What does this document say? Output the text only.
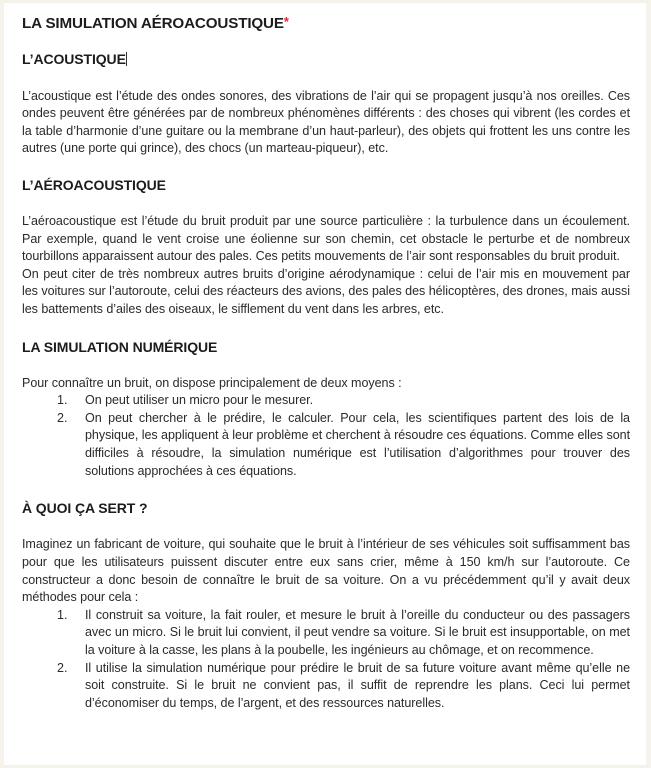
LA SIMULATION AÉROACOUSTIQUE*
L’ACOUSTIQUE

L’acoustique est l’étude des ondes sonores, des vibrations de l’air qui se propagent jusqu’à nos oreilles. Ces ondes peuvent être générées par de nombreux phénomènes différents : des choses qui vibrent (les cordes et la table d’harmonie d’une guitare ou la membrane d’un haut-parleur), des objets qui frottent les uns contre les autres (une porte qui grince), des chocs (un marteau-piqueur), etc.

L’AÉROACOUSTIQUE

L’aéroacoustique est l’étude du bruit produit par une source particulière : la turbulence dans un écoulement. Par exemple, quand le vent croise une éolienne sur son chemin, cet obstacle le perturbe et de nombreux tourbillons apparaissent autour des pales. Ces petits mouvements de l’air sont responsables du bruit produit.

On peut citer de très nombreux autres bruits d’origine aérodynamique : celui de l’air mis en mouvement par les voitures sur l’autoroute, celui des réacteurs des avions, des pales des hélicoptères, des drones, mais aussi les battements d’ailes des oiseaux, le sifflement du vent dans les arbres, etc.

LA SIMULATION NUMÉRIQUE

Pour connaître un bruit, on dispose principalement de deux moyens :

On peut utiliser un micro pour le mesurer.
On peut chercher à le prédire, le calculer. Pour cela, les scientifiques partent des lois de la physique, les appliquent à leur problème et cherchent à résoudre ces équations. Comme elles sont difficiles à résoudre, la simulation numérique est l’utilisation d’algorithmes pour trouver des solutions approchées à ces équations.
À QUOI ÇA SERT ?

Imaginez un fabricant de voiture, qui souhaite que le bruit à l’intérieur de ses véhicules soit suffisamment bas pour que les utilisateurs puissent discuter entre eux sans crier, même à 150 km/h sur l’autoroute. Ce constructeur a donc besoin de connaître le bruit de sa voiture. On a vu précédemment qu’il y avait deux méthodes pour cela :

Il construit sa voiture, la fait rouler, et mesure le bruit à l’oreille du conducteur ou des passagers avec un micro. Si le bruit lui convient, il peut vendre sa voiture. Si le bruit est insupportable, on met la voiture à la casse, les plans à la poubelle, les ingénieurs au chômage, et on recommence.
Il utilise la simulation numérique pour prédire le bruit de sa future voiture avant même qu’elle ne soit construite. Si le bruit ne convient pas, il suffit de reprendre les plans. Ceci lui permet d’économiser du temps, de l’argent, et des ressources naturelles.
